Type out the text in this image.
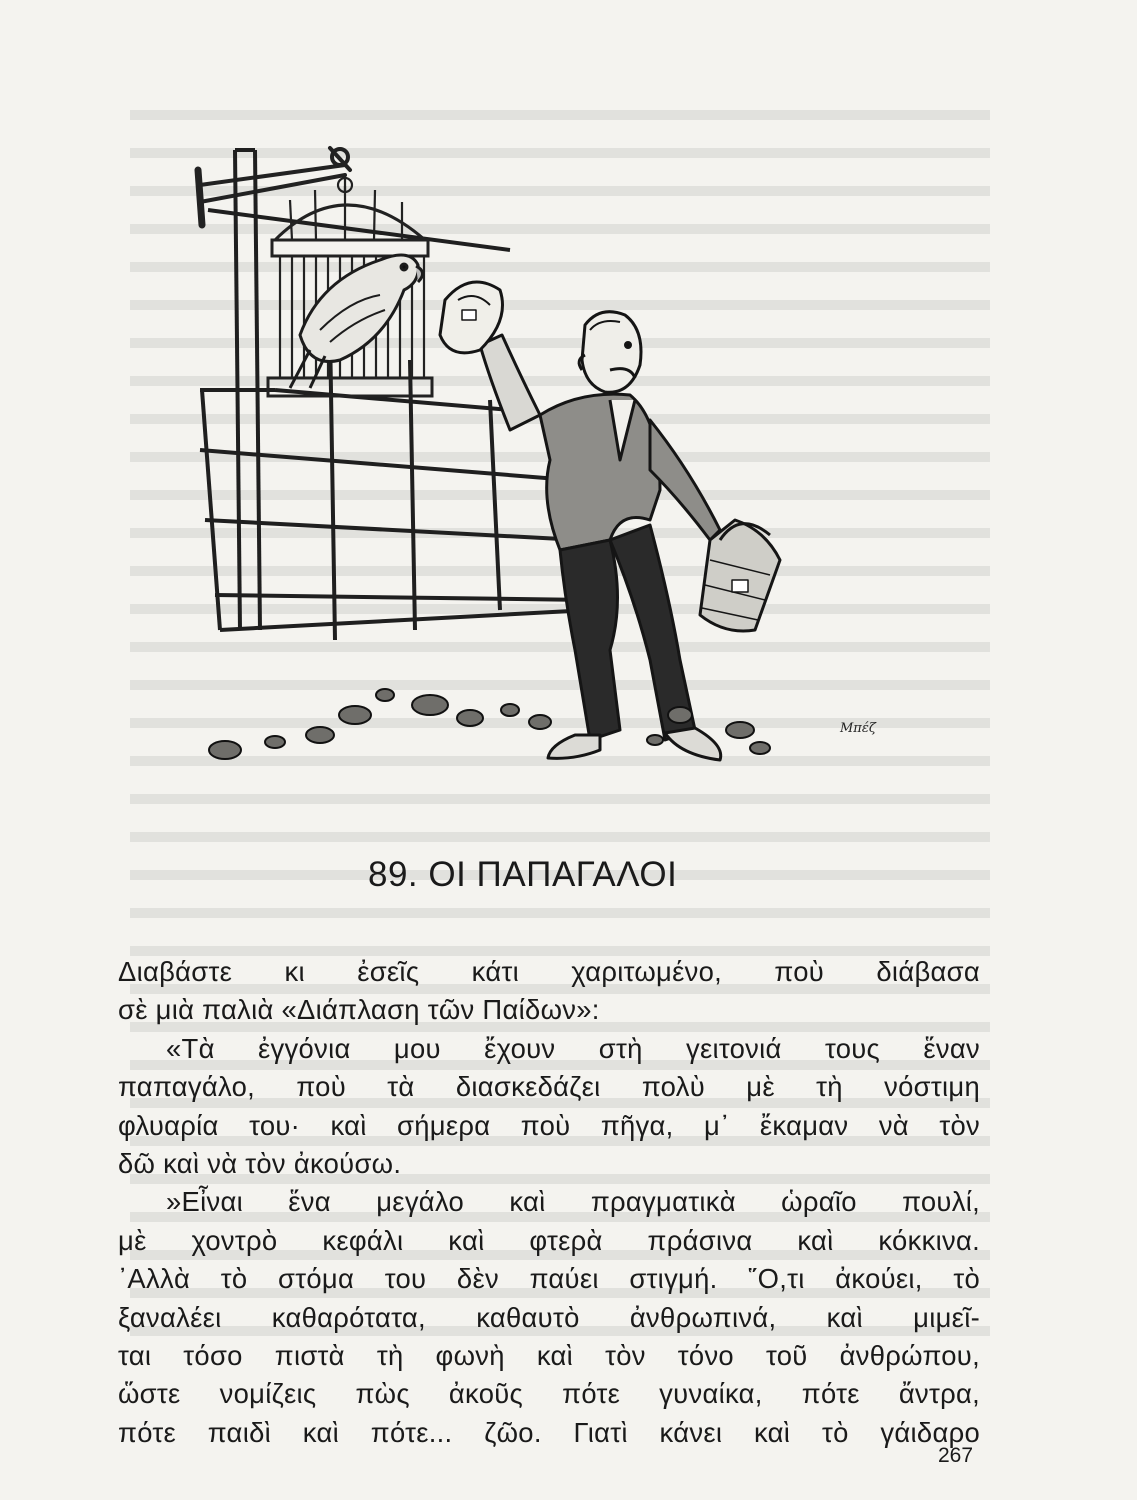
Μπέζ
89. ΟΙ ΠΑΠΑΓΑΛΟΙ
Διαβάστε κι ἐσεῖς κάτι χαριτωμένο, ποὺ διάβασα
σὲ μιὰ παλιὰ «Διάπλαση τῶν Παίδων»:
«Τὰ ἐγγόνια μου ἔχουν στὴ γειτονιά τους ἕναν
παπαγάλο, ποὺ τὰ διασκεδάζει πολὺ μὲ τὴ νόστιμη
φλυαρία του· καὶ σήμερα ποὺ πῆγα, μ᾽ ἔκαμαν νὰ τὸν
δῶ καὶ νὰ τὸν ἀκούσω.
»Εἶναι ἕνα μεγάλο καὶ πραγματικὰ ὡραῖο πουλί,
μὲ χοντρὸ κεφάλι καὶ φτερὰ πράσινα καὶ κόκκινα.
᾿Αλλὰ τὸ στόμα του δὲν παύει στιγμή. ῞Ο,τι ἀκούει, τὸ
ξαναλέει καθαρότατα, καθαυτὸ ἀνθρωπινά, καὶ μιμεῖ-
ται τόσο πιστὰ τὴ φωνὴ καὶ τὸν τόνο τοῦ ἀνθρώπου,
ὥστε νομίζεις πὼς ἀκοῦς πότε γυναίκα, πότε ἄντρα,
πότε παιδὶ καὶ πότε... ζῶο. Γιατὶ κάνει καὶ τὸ γάιδαρο
267
